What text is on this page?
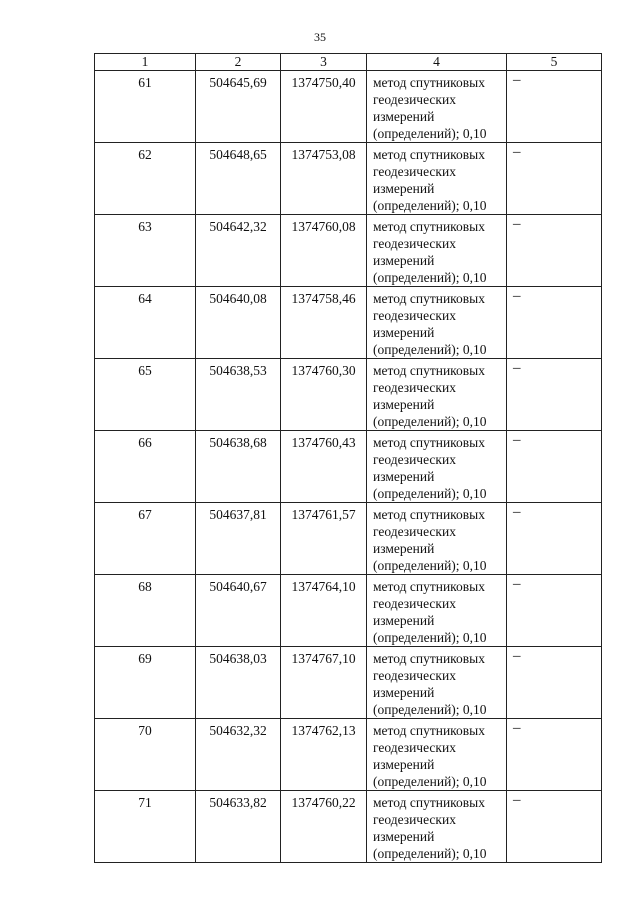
35
1	2	3	4	5
61	504645,69	1374750,40	метод спутниковых геодезических измерений (определений); 0,10	–
62	504648,65	1374753,08	метод спутниковых геодезических измерений (определений); 0,10	–
63	504642,32	1374760,08	метод спутниковых геодезических измерений (определений); 0,10	–
64	504640,08	1374758,46	метод спутниковых геодезических измерений (определений); 0,10	–
65	504638,53	1374760,30	метод спутниковых геодезических измерений (определений); 0,10	–
66	504638,68	1374760,43	метод спутниковых геодезических измерений (определений); 0,10	–
67	504637,81	1374761,57	метод спутниковых геодезических измерений (определений); 0,10	–
68	504640,67	1374764,10	метод спутниковых геодезических измерений (определений); 0,10	–
69	504638,03	1374767,10	метод спутниковых геодезических измерений (определений); 0,10	–
70	504632,32	1374762,13	метод спутниковых геодезических измерений (определений); 0,10	–
71	504633,82	1374760,22	метод спутниковых геодезических измерений (определений); 0,10	–
